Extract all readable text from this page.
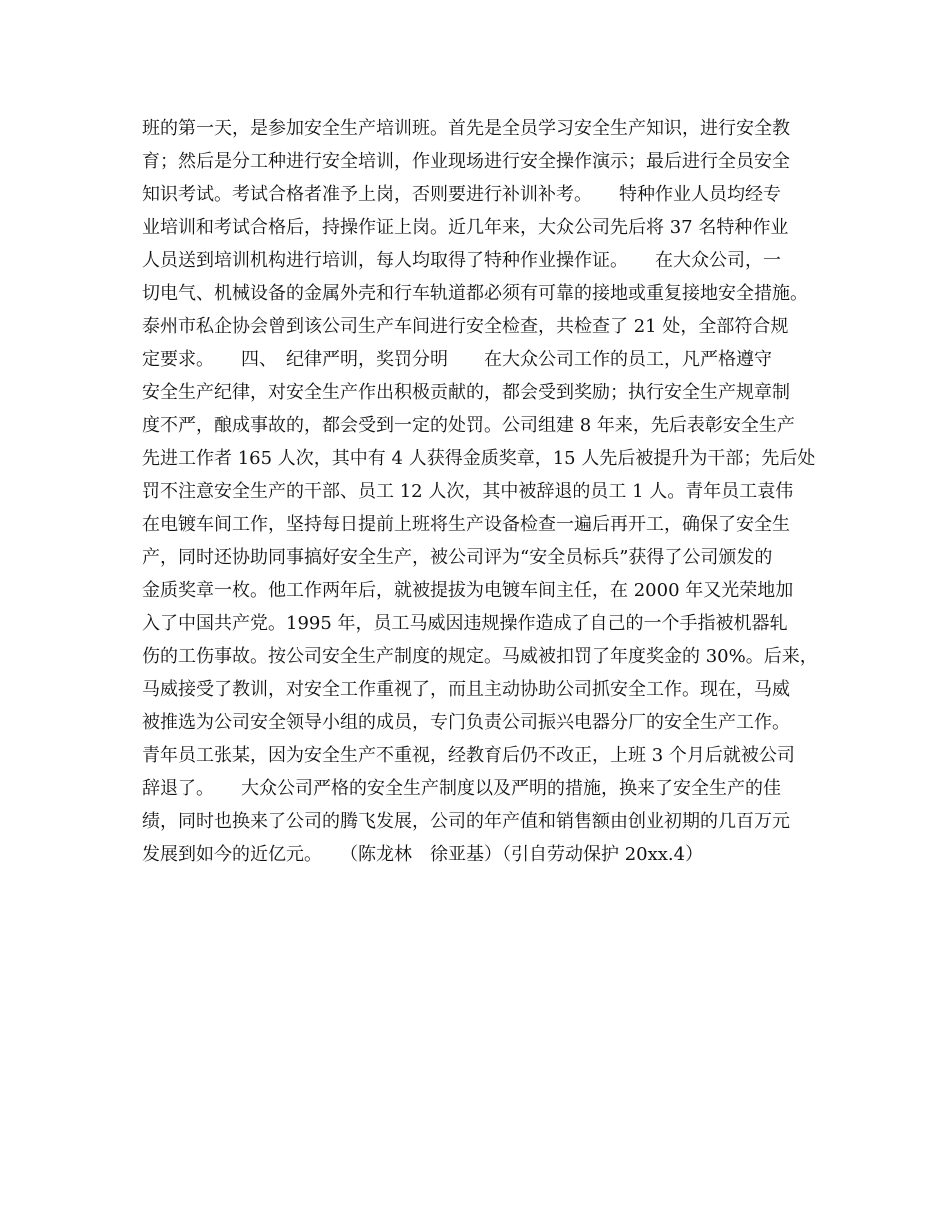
班的第一天，是参加安全生产培训班。首先是全员学习安全生产知识，进行安全教
育；然后是分工种进行安全培训，作业现场进行安全操作演示；最后进行全员安全
知识考试。考试合格者准予上岗，否则要进行补训补考。　　特种作业人员均经专
业培训和考试合格后，持操作证上岗。近几年来，大众公司先后将 37 名特种作业
人员送到培训机构进行培训，每人均取得了特种作业操作证。　　在大众公司，一
切电气、机械设备的金属外壳和行车轨道都必须有可靠的接地或重复接地安全措施。
泰州市私企协会曾到该公司生产车间进行安全检查，共检查了 21 处，全部符合规
定要求。　　四、　纪律严明，奖罚分明　　在大众公司工作的员工，凡严格遵守
安全生产纪律，对安全生产作出积极贡献的，都会受到奖励；执行安全生产规章制
度不严，酿成事故的，都会受到一定的处罚。公司组建 8 年来，先后表彰安全生产
先进工作者 165 人次，其中有 4 人获得金质奖章，15 人先后被提升为干部；先后处
罚不注意安全生产的干部、员工 12 人次，其中被辞退的员工 1 人。青年员工袁伟
在电镀车间工作，坚持每日提前上班将生产设备检查一遍后再开工，确保了安全生
产，同时还协助同事搞好安全生产，被公司评为“安全员标兵”获得了公司颁发的
金质奖章一枚。他工作两年后，就被提拔为电镀车间主任，在 2000 年又光荣地加
入了中国共产党。1995 年，员工马威因违规操作造成了自己的一个手指被机器轧
伤的工伤事故。按公司安全生产制度的规定。马威被扣罚了年度奖金的 30%。后来，
马威接受了教训，对安全工作重视了，而且主动协助公司抓安全工作。现在，马威
被推选为公司安全领导小组的成员，专门负责公司振兴电器分厂的安全生产工作。
青年员工张某，因为安全生产不重视，经教育后仍不改正，上班 3 个月后就被公司
辞退了。　　大众公司严格的安全生产制度以及严明的措施，换来了安全生产的佳
绩，同时也换来了公司的腾飞发展，公司的年产值和销售额由创业初期的几百万元
发展到如今的近亿元。　　（陈龙林　徐亚基）（引自劳动保护 20xx.4）
